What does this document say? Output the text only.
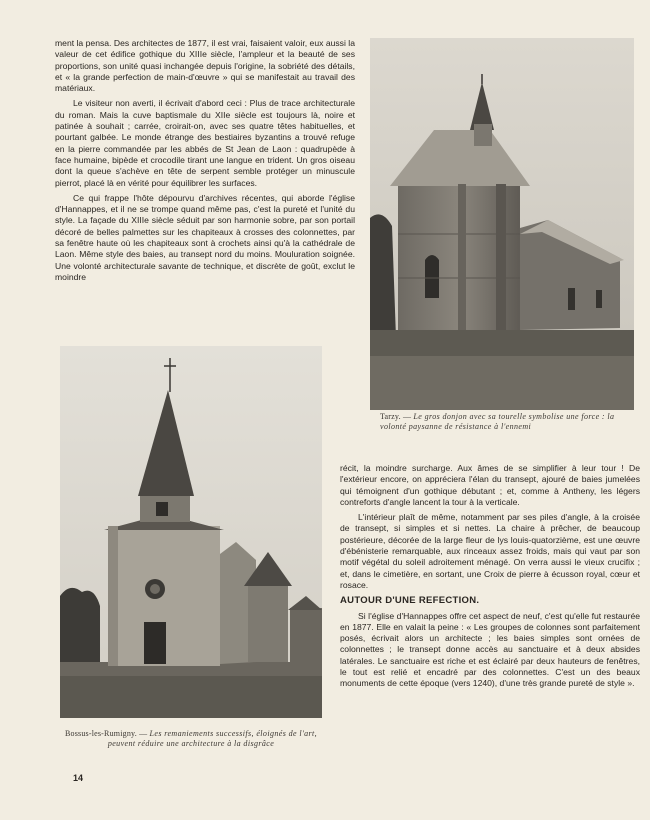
ment la pensa. Des architectes de 1877, il est vrai, faisaient valoir, eux aussi la valeur de cet édifice gothique du XIIIe siècle, l'ampleur et la beauté de ses proportions, son unité quasi inchangée depuis l'origine, la sobriété des détails, et « la grande perfection de main-d'œuvre » qui se manifestait au travail des matériaux.

Le visiteur non averti, il écrivait d'abord ceci : Plus de trace architecturale du roman. Mais la cuve baptismale du XIIe siècle est toujours là, noire et patinée à souhait ; carrée, croirait-on, avec ses quatre têtes habituelles, et pourtant galbée. Le monde étrange des bestiaires byzantins a trouvé refuge en la pierre commandée par les abbés de St Jean de Laon : quadrupède à face humaine, bipède et crocodile tirant une langue en trident. Un gros oiseau dont la queue s'achève en tête de serpent semble protéger un minuscule pierrot, placé là en vérité pour équilibrer les surfaces.

Ce qui frappe l'hôte dépourvu d'archives récentes, qui aborde l'église d'Hannappes, et il ne se trompe quand même pas, c'est la pureté et l'unité du style. La façade du XIIIe siècle séduit par son harmonie sobre, par son portail décoré de belles palmettes sur les chapiteaux à crosses des colonnettes, par sa fenêtre haute où les chapiteaux sont à crochets ainsi qu'à la cathédrale de Laon. Même style des baies, au transept nord du moins. Mouluration soignée. Une volonté architecturale savante de technique, et discrète de goût, exclut le moindre

Tarzy. — Le gros donjon avec sa tourelle symbolise une force : la volonté paysanne de résistance à l'ennemi
Bossus-les-Rumigny. — Les remaniements successifs, éloignés de l'art, peuvent réduire une architecture à la disgrâce

récit, la moindre surcharge. Aux âmes de se simplifier à leur tour ! De l'extérieur encore, on appréciera l'élan du transept, ajouré de baies jumelées qui témoignent d'un gothique débutant ; et, comme à Antheny, les légers contreforts d'angle lancent la tour à la verticale.

L'intérieur plaît de même, notamment par ses piles d'angle, à la croisée de transept, si simples et si nettes. La chaire à prêcher, de beaucoup postérieure, décorée de la large fleur de lys louis-quatorzième, est une œuvre d'ébénisterie remarquable, aux rinceaux assez froids, mais qui vaut par son motif végétal du soleil adroitement ménagé. On verra aussi le vieux crucifix ; et, dans le cimetière, en sortant, une Croix de pierre à écusson royal, cœur et rosace.

AUTOUR D'UNE REFECTION.

Si l'église d'Hannappes offre cet aspect de neuf, c'est qu'elle fut restaurée en 1877. Elle en valait la peine : « Les groupes de colonnes sont parfaitement posés, écrivait alors un architecte ; les baies simples sont ornées de colonnettes ; le transept donne accès au sanctuaire et à deux absides latérales. Le sanctuaire est riche et est éclairé par deux hauteurs de fenêtres, le tout est relié et encadré par des colonnettes. C'est un des beaux monuments de cette époque (vers 1240), d'une très grande pureté de style ».

14
